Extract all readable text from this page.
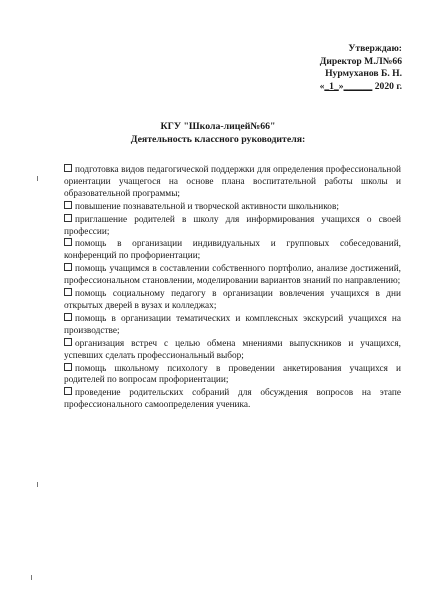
Утверждаю:
Директор М.Л№66
Нурмуханов Б. Н.
«_1_»______ 2020 г.
КГУ "Школа-лицей№66"
Деятельность классного руководителя:

подготовка видов педагогической поддержки для определения профессиональной ориентации учащегося на основе плана воспитательной работы школы и образовательной программы;

повышение познавательной и творческой активности школьников;

приглашение родителей в школу для информирования учащихся о своей профессии;

помощь в организации индивидуальных и групповых собеседований, конференций по профориентации;

помощь учащимся в составлении собственного портфолио, анализе достижений, профессиональном становлении, моделировании вариантов знаний по направлению;

помощь социальному педагогу в организации вовлечения учащихся в дни открытых дверей в вузах и колледжах;

помощь в организации тематических и комплексных экскурсий учащихся на производстве;

организация встреч с целью обмена мнениями выпускников и учащихся, успевших сделать профессиональный выбор;

помощь школьному психологу в проведении анкетирования учащихся и родителей по вопросам профориентации;

проведение родительских собраний для обсуждения вопросов на этапе профессионального самоопределения ученика.
